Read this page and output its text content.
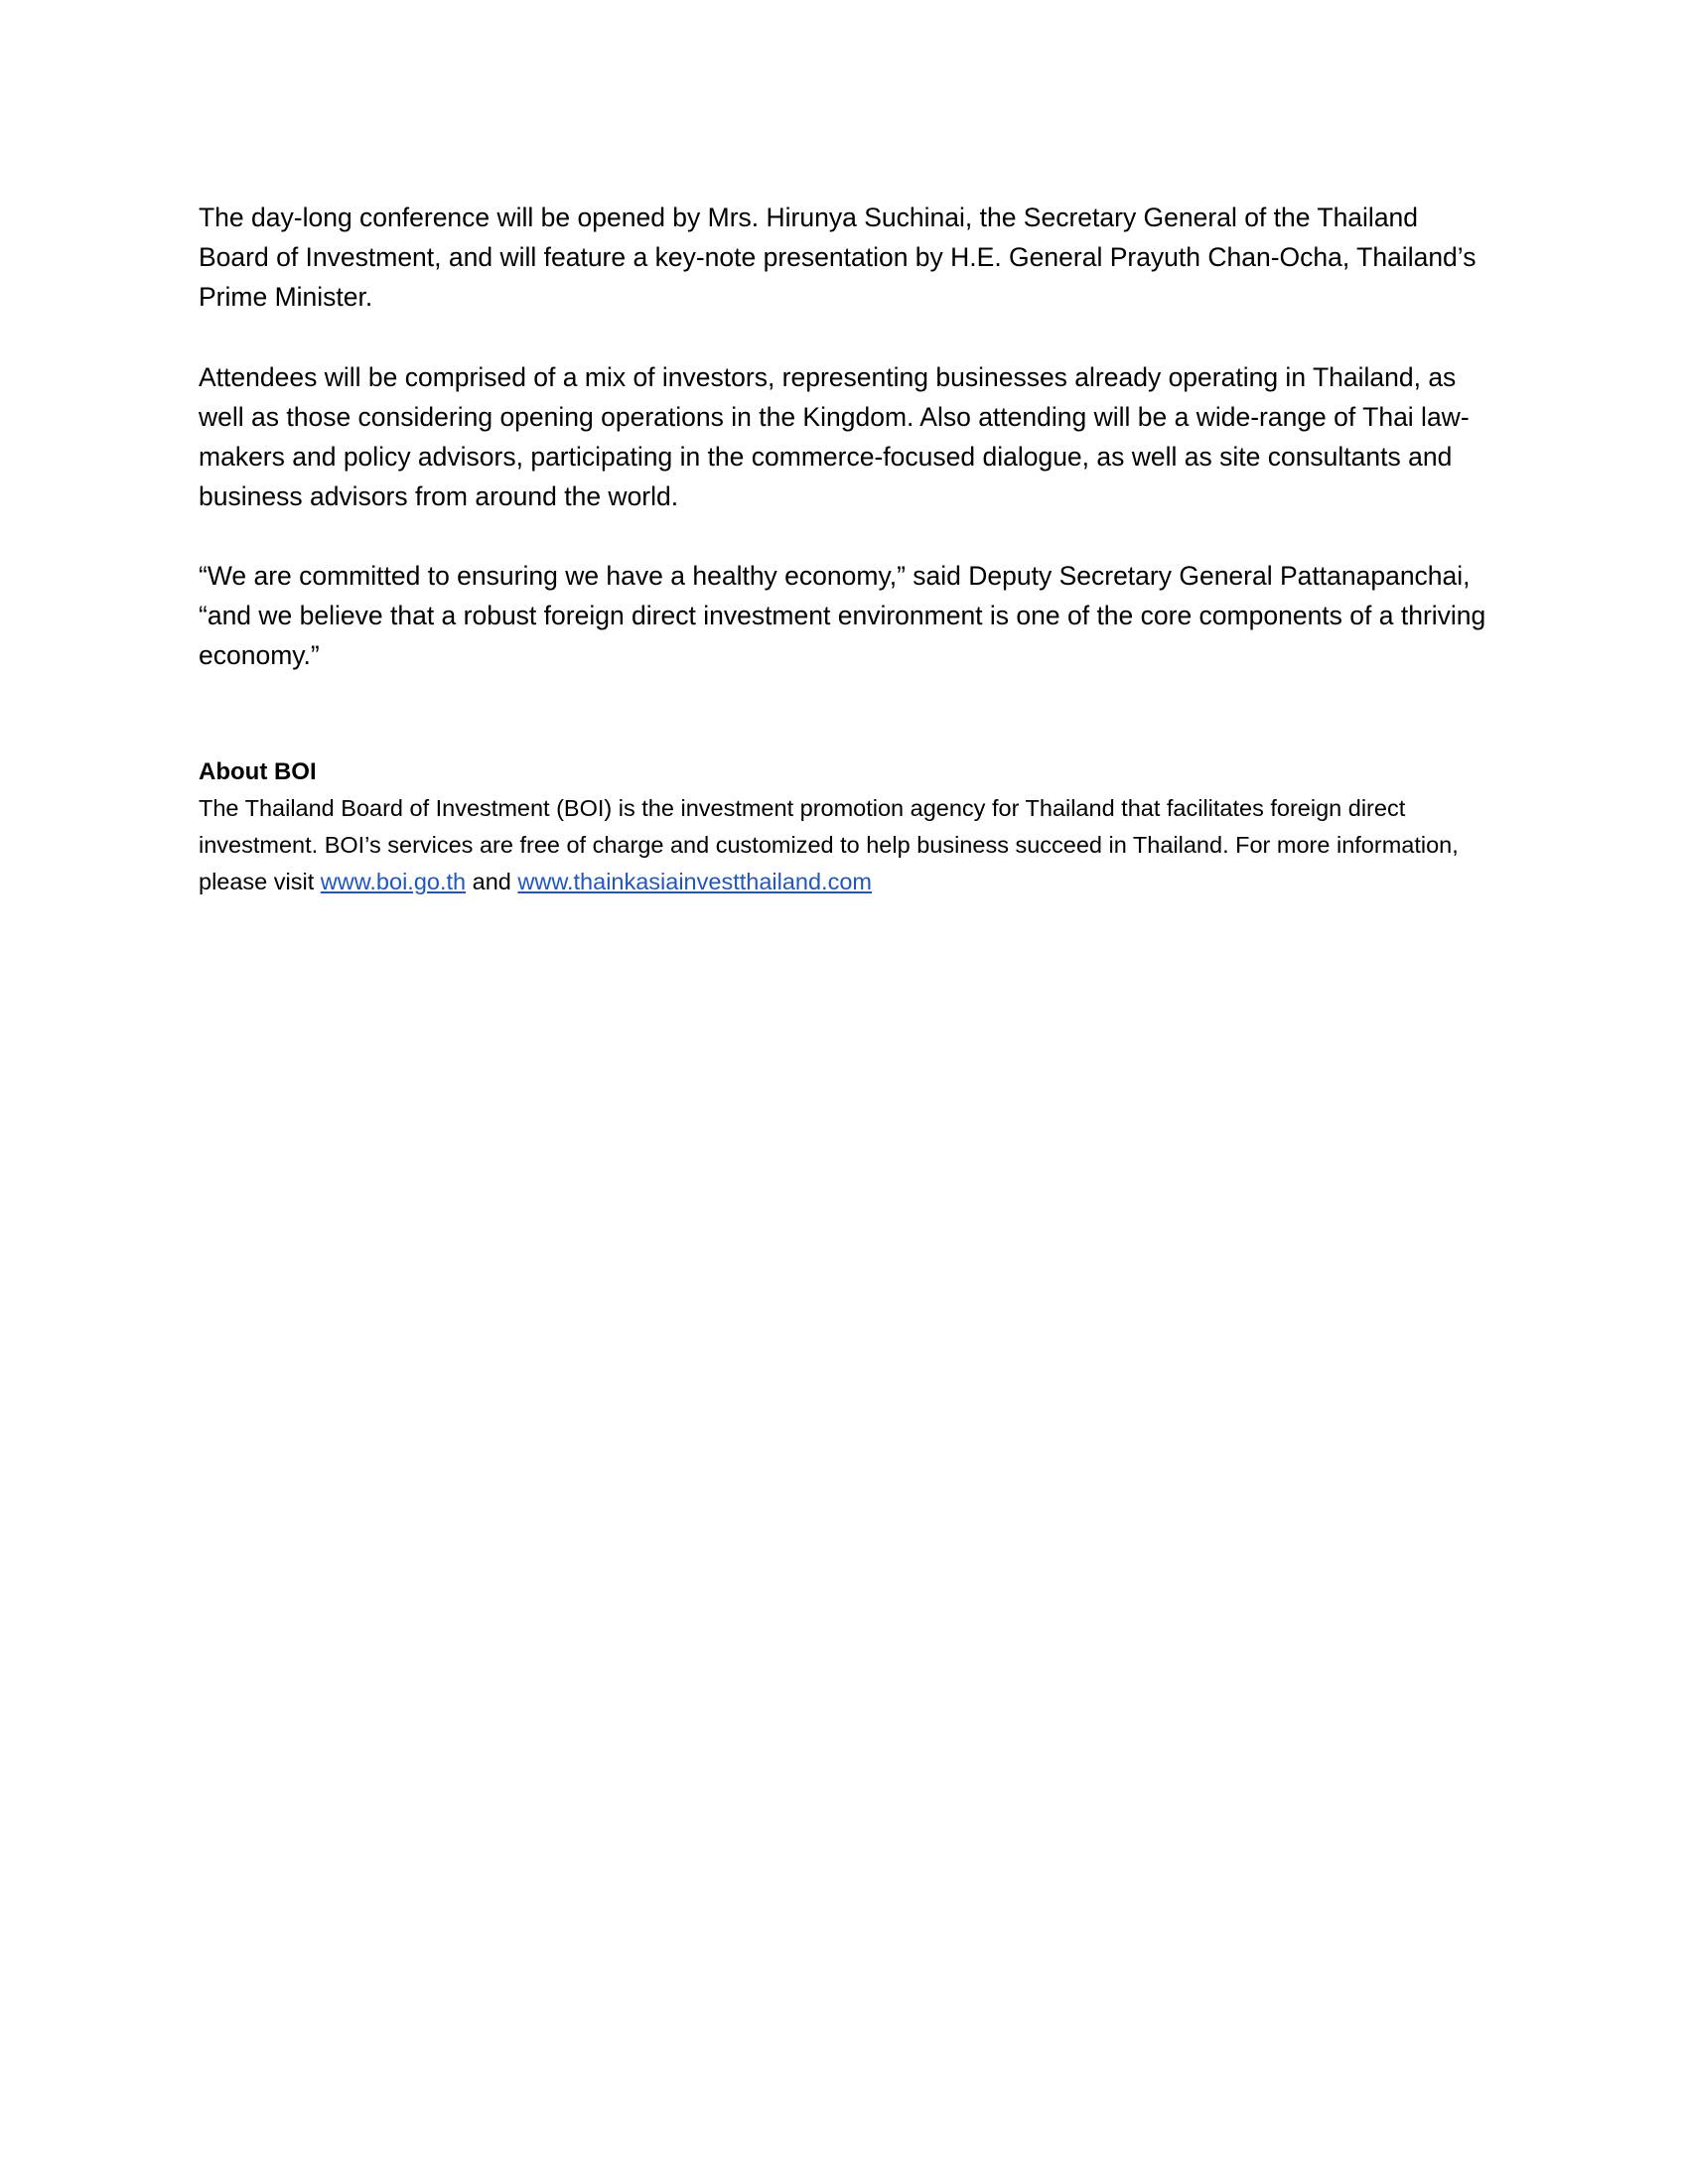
The day-long conference will be opened by Mrs. Hirunya Suchinai, the Secretary General of the Thailand Board of Investment, and will feature a key-note presentation by H.E. General Prayuth Chan-Ocha, Thailand’s Prime Minister.

Attendees will be comprised of a mix of investors, representing businesses already operating in Thailand, as well as those considering opening operations in the Kingdom. Also attending will be a wide-range of Thai law-makers and policy advisors, participating in the commerce-focused dialogue, as well as site consultants and business advisors from around the world.

“We are committed to ensuring we have a healthy economy,” said Deputy Secretary General Pattanapanchai, “and we believe that a robust foreign direct investment environment is one of the core components of a thriving economy.”

About BOI

The Thailand Board of Investment (BOI) is the investment promotion agency for Thailand that facilitates foreign direct investment. BOI’s services are free of charge and customized to help business succeed in Thailand. For more information, please visit www.boi.go.th and www.thainkasiainvestthailand.com
